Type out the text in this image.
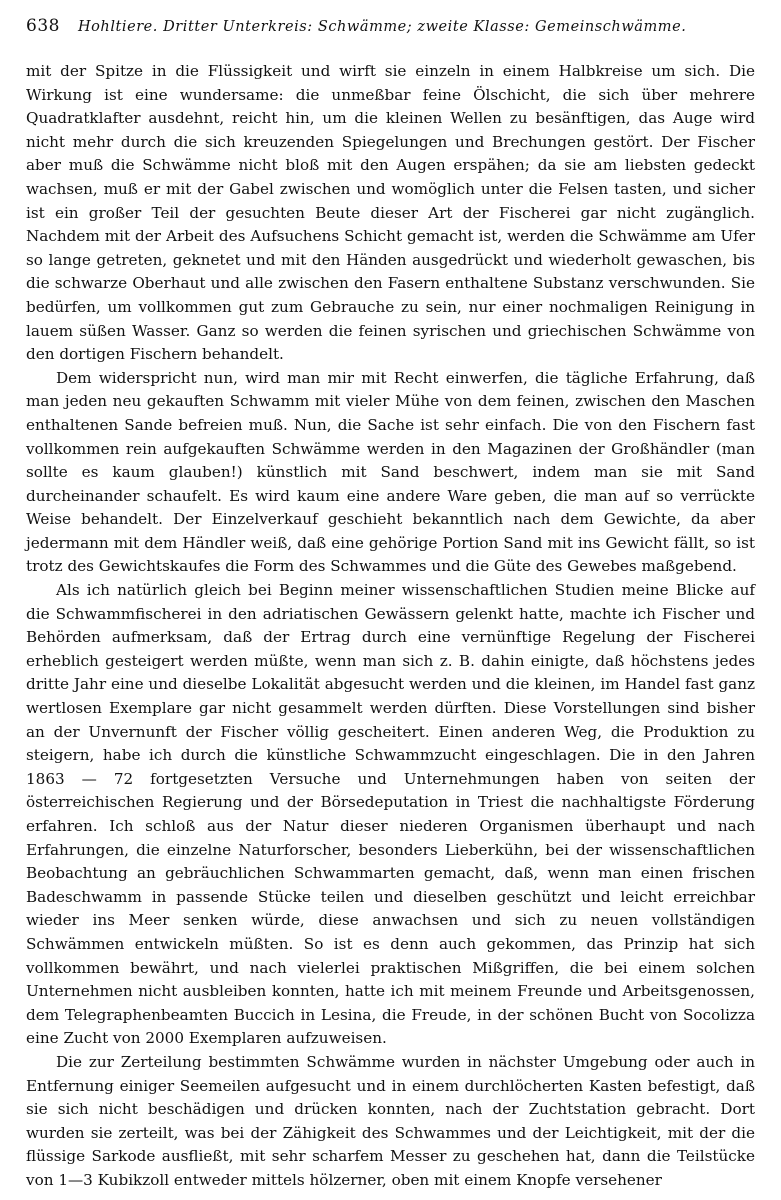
638 Hohltiere. Dritter Unterkreis: Schwämme; zweite Klasse: Gemeinschwämme.

mit der Spitze in die Flüssigkeit und wirft sie einzeln in einem Halbkreise um sich. Die Wirkung ist eine wundersame: die unmeßbar feine Ölschicht, die sich über mehrere Quadratklafter ausdehnt, reicht hin, um die kleinen Wellen zu besänftigen, das Auge wird nicht mehr durch die sich kreuzenden Spiegelungen und Brechungen gestört. Der Fischer aber muß die Schwämme nicht bloß mit den Augen erspähen; da sie am liebsten gedeckt wachsen, muß er mit der Gabel zwischen und womöglich unter die Felsen tasten, und sicher ist ein großer Teil der gesuchten Beute dieser Art der Fischerei gar nicht zugänglich. Nachdem mit der Arbeit des Aufsuchens Schicht gemacht ist, werden die Schwämme am Ufer so lange getreten, geknetet und mit den Händen ausgedrückt und wiederholt gewaschen, bis die schwarze Oberhaut und alle zwischen den Fasern enthaltene Substanz verschwunden. Sie bedürfen, um vollkommen gut zum Gebrauche zu sein, nur einer nochmaligen Reinigung in lauem süßen Wasser. Ganz so werden die feinen syrischen und griechischen Schwämme von den dortigen Fischern behandelt.

Dem widerspricht nun, wird man mir mit Recht einwerfen, die tägliche Erfahrung, daß man jeden neu gekauften Schwamm mit vieler Mühe von dem feinen, zwischen den Maschen enthaltenen Sande befreien muß. Nun, die Sache ist sehr einfach. Die von den Fischern fast vollkommen rein aufgekauften Schwämme werden in den Magazinen der Großhändler (man sollte es kaum glauben!) künstlich mit Sand beschwert, indem man sie mit Sand durcheinander schaufelt. Es wird kaum eine andere Ware geben, die man auf so verrückte Weise behandelt. Der Einzelverkauf geschieht bekanntlich nach dem Gewichte, da aber jedermann mit dem Händler weiß, daß eine gehörige Portion Sand mit ins Gewicht fällt, so ist trotz des Gewichtskaufes die Form des Schwammes und die Güte des Gewebes maßgebend.

Als ich natürlich gleich bei Beginn meiner wissenschaftlichen Studien meine Blicke auf die Schwammfischerei in den adriatischen Gewässern gelenkt hatte, machte ich Fischer und Behörden aufmerksam, daß der Ertrag durch eine vernünftige Regelung der Fischerei erheblich gesteigert werden müßte, wenn man sich z. B. dahin einigte, daß höchstens jedes dritte Jahr eine und dieselbe Lokalität abgesucht werden und die kleinen, im Handel fast ganz wertlosen Exemplare gar nicht gesammelt werden dürften. Diese Vorstellungen sind bisher an der Unvernunft der Fischer völlig gescheitert. Einen anderen Weg, die Produktion zu steigern, habe ich durch die künstliche Schwammzucht eingeschlagen. Die in den Jahren 1863 — 72 fortgesetzten Versuche und Unternehmungen haben von seiten der österreichischen Regierung und der Börsedeputation in Triest die nachhaltigste Förderung erfahren. Ich schloß aus der Natur dieser niederen Organismen überhaupt und nach Erfahrungen, die einzelne Naturforscher, besonders Lieberkühn, bei der wissenschaftlichen Beobachtung an gebräuchlichen Schwammarten gemacht, daß, wenn man einen frischen Badeschwamm in passende Stücke teilen und dieselben geschützt und leicht erreichbar wieder ins Meer senken würde, diese anwachsen und sich zu neuen vollständigen Schwämmen entwickeln müßten. So ist es denn auch gekommen, das Prinzip hat sich vollkommen bewährt, und nach vielerlei praktischen Mißgriffen, die bei einem solchen Unternehmen nicht ausbleiben konnten, hatte ich mit meinem Freunde und Arbeitsgenossen, dem Telegraphenbeamten Buccich in Lesina, die Freude, in der schönen Bucht von Socolizza eine Zucht von 2000 Exemplaren aufzuweisen.

Die zur Zerteilung bestimmten Schwämme wurden in nächster Umgebung oder auch in Entfernung einiger Seemeilen aufgesucht und in einem durchlöcherten Kasten befestigt, daß sie sich nicht beschädigen und drücken konnten, nach der Zuchtstation gebracht. Dort wurden sie zerteilt, was bei der Zähigkeit des Schwammes und der Leichtigkeit, mit der die flüssige Sarkode ausfließt, mit sehr scharfem Messer zu geschehen hat, dann die Teilstücke von 1—3 Kubikzoll entweder mittels hölzerner, oben mit einem Knopfe versehener
